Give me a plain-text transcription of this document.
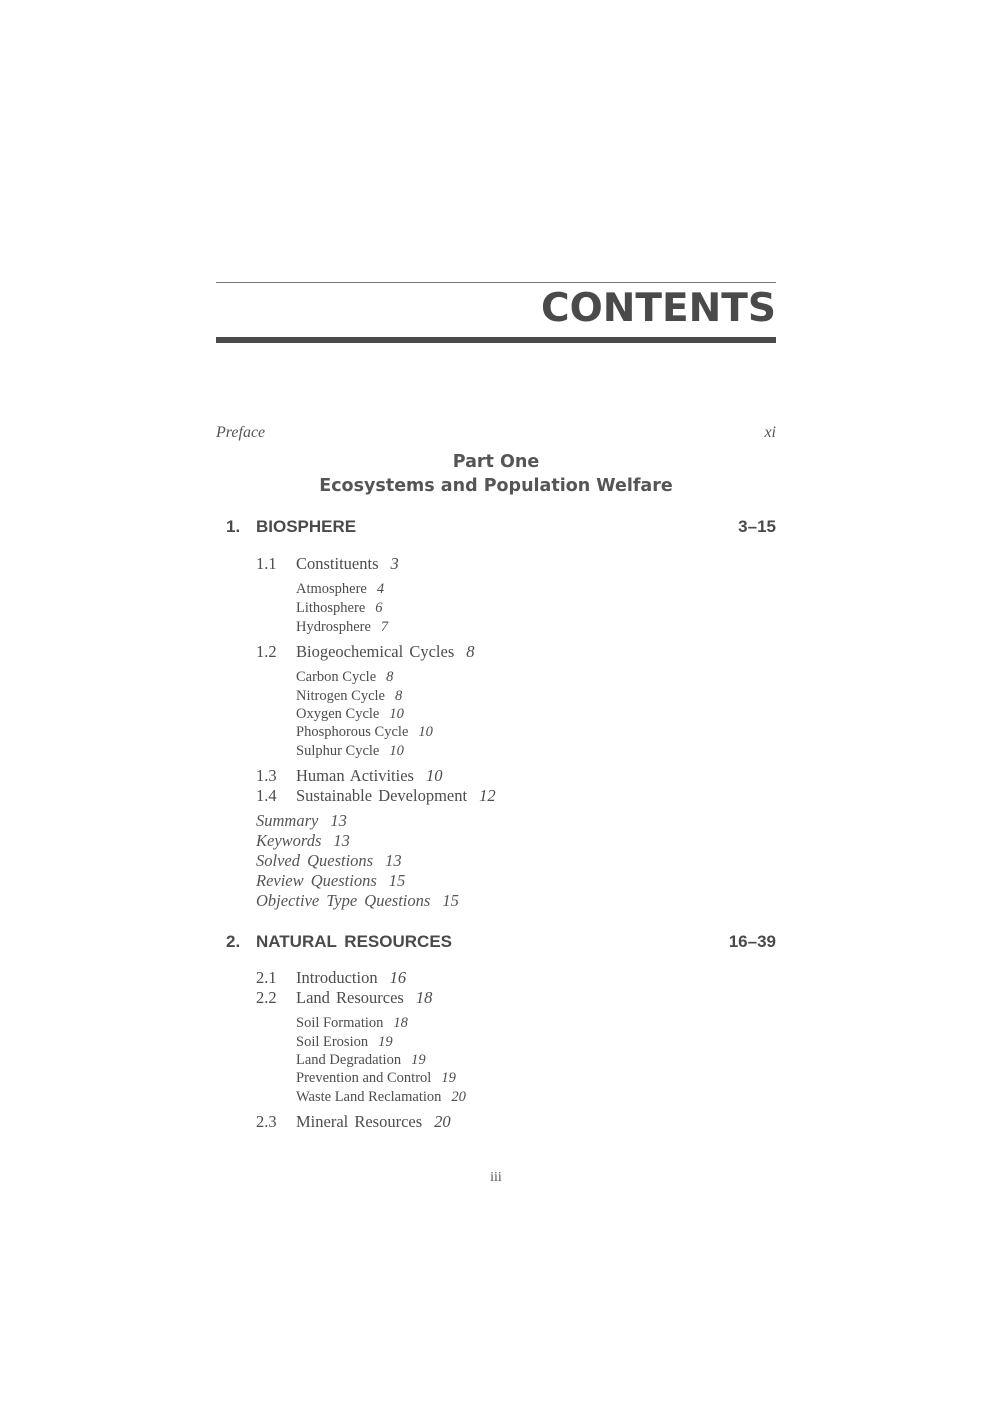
CONTENTS
Preface	xi
Part One
Ecosystems and Population Welfare
1. BIOSPHERE	3–15
1.1 Constituents 3
Atmosphere 4
Lithosphere 6
Hydrosphere 7
1.2 Biogeochemical Cycles 8
Carbon Cycle 8
Nitrogen Cycle 8
Oxygen Cycle 10
Phosphorous Cycle 10
Sulphur Cycle 10
1.3 Human Activities 10
1.4 Sustainable Development 12
Summary 13
Keywords 13
Solved Questions 13
Review Questions 15
Objective Type Questions 15
2. NATURAL RESOURCES	16–39
2.1 Introduction 16
2.2 Land Resources 18
Soil Formation 18
Soil Erosion 19
Land Degradation 19
Prevention and Control 19
Waste Land Reclamation 20
2.3 Mineral Resources 20
iii
